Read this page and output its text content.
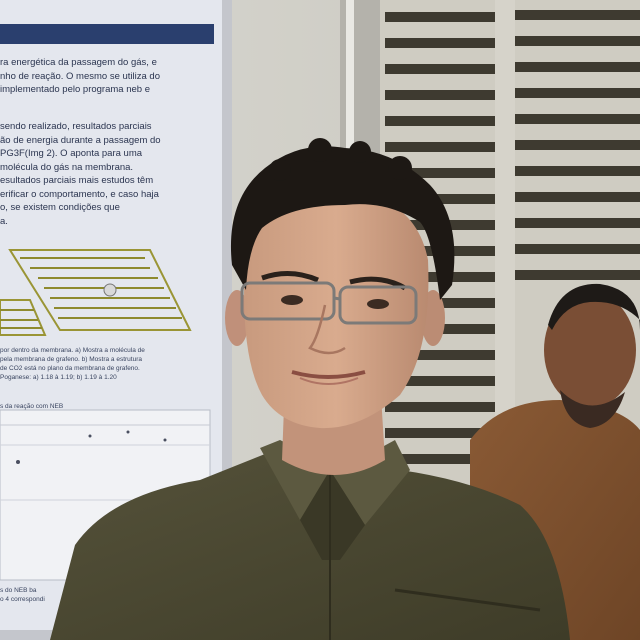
ra energética da passagem do gás, e

nho de reação. O mesmo se utiliza do

implementado pelo programa neb e

sendo realizado, resultados parciais

ão de energia durante a passagem do

PG3F(Img 2). O aponta para uma

molécula do gás na membrana.

esultados parciais mais estudos têm

erificar o comportamento, e caso haja

o, se existem condições que

a.

por dentro da membrana. a) Mostra a molécula de

pela membrana de grafeno. b) Mostra a estrutura

de CO2 está no plano da membrana de grafeno.

Poganese: a) 1.18 à 1.19; b) 1.19 à 1.20

s da reação com NEB

s do NEB ba

o 4 correspondi
